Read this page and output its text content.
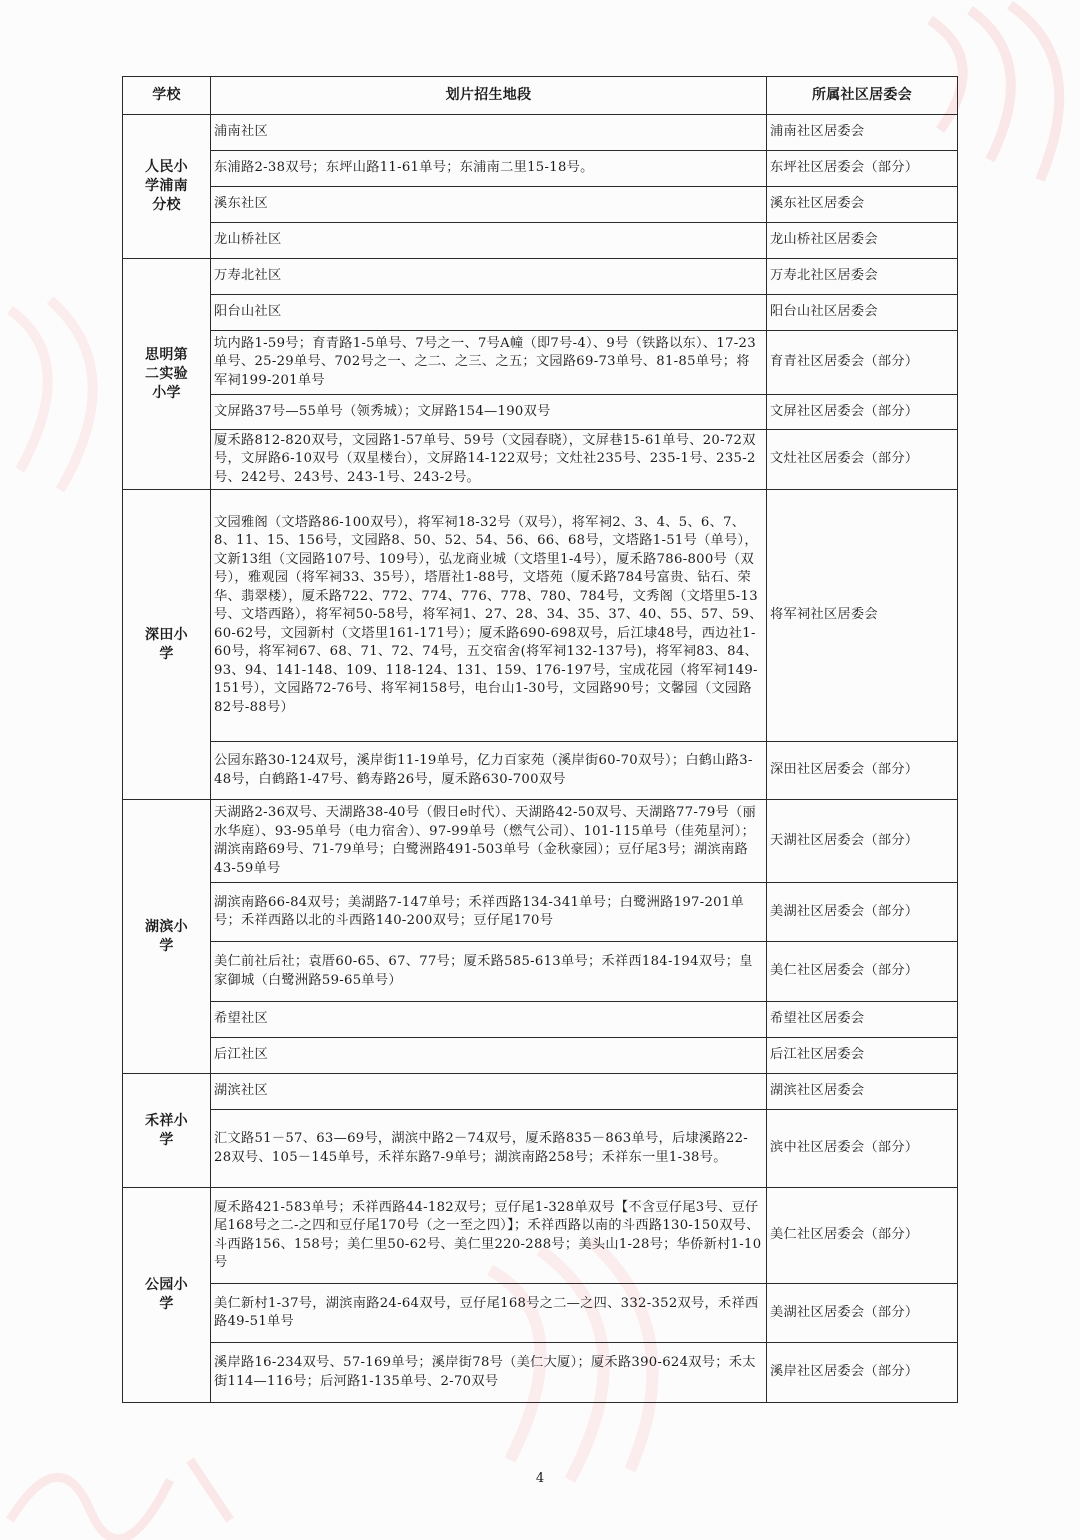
学校	划片招生地段	所属社区居委会
人民小学浦南分校	浦南社区	浦南社区居委会
	东浦路2-38双号；东坪山路11-61单号；东浦南二里15-18号。	东坪社区居委会（部分）
	溪东社区	溪东社区居委会
	龙山桥社区	龙山桥社区居委会
思明第二实验小学	万寿北社区	万寿北社区居委会
	阳台山社区	阳台山社区居委会
	坑内路1-59号；育青路1-5单号、7号之一、7号A幢（即7号-4）、9号（铁路以东）、17-23单号、25-29单号、702号之一、之二、之三、之五；文园路69-73单号、81-85单号；将军祠199-201单号	育青社区居委会（部分）
	文屏路37号—55单号（领秀城）；文屏路154—190双号	文屏社区居委会（部分）
	厦禾路812-820双号，文园路1-57单号、59号（文园春晓），文屏巷15-61单号、20-72双号，文屏路6-10双号（双星楼台），文屏路14-122双号；文灶社235号、235-1号、235-2号、242号、243号、243-1号、243-2号。	文灶社区居委会（部分）
深田小学	文园雅阁（文塔路86-100双号），将军祠18-32号（双号），将军祠2、3、4、5、6、7、8、11、15、156号，文园路8、50、52、54、56、66、68号，文塔路1-51号（单号），文新13组（文园路107号、109号），弘龙商业城（文塔里1-4号），厦禾路786-800号（双号），雅观园（将军祠33、35号），塔厝社1-88号，文塔苑（厦禾路784号富贵、钻石、荣华、翡翠楼），厦禾路722、772、774、776、778、780、784号，文秀阁（文塔里5-13号、文塔西路），将军祠50-58号，将军祠1、27、28、34、35、37、40、55、57、59、60-62号，文园新村（文塔里161-171号）；厦禾路690-698双号，后江埭48号，西边社1-60号，将军祠67、68、71、72、74号，五交宿舍(将军祠132-137号)，将军祠83、84、93、94、141-148、109、118-124、131、159、176-197号，宝成花园（将军祠149-151号），文园路72-76号、将军祠158号，电台山1-30号，文园路90号；文馨园（文园路82号-88号）	将军祠社区居委会
	公园东路30-124双号，溪岸街11-19单号，亿力百家苑（溪岸街60-70双号）；白鹤山路3-48号，白鹤路1-47号、鹤寿路26号，厦禾路630-700双号	深田社区居委会（部分）
湖滨小学	天湖路2-36双号、天湖路38-40号（假日e时代）、天湖路42-50双号、天湖路77-79号（丽水华庭）、93-95单号（电力宿舍）、97-99单号（燃气公司）、101-115单号（佳苑星河）；湖滨南路69号、71-79单号；白鹭洲路491-503单号（金秋豪园）；豆仔尾3号；湖滨南路43-59单号	天湖社区居委会（部分）
	湖滨南路66-84双号；美湖路7-147单号；禾祥西路134-341单号；白鹭洲路197-201单号；禾祥西路以北的斗西路140-200双号；豆仔尾170号	美湖社区居委会（部分）
	美仁前社后社；袁厝60-65、67、77号；厦禾路585-613单号；禾祥西184-194双号；皇家御城（白鹭洲路59-65单号）	美仁社区居委会（部分）
	希望社区	希望社区居委会
	后江社区	后江社区居委会
禾祥小学	湖滨社区	湖滨社区居委会
	汇文路51－57、63—69号，湖滨中路2－74双号，厦禾路835－863单号，后埭溪路22-28双号、105－145单号，禾祥东路7-9单号；湖滨南路258号；禾祥东一里1-38号。	滨中社区居委会（部分）
公园小学	厦禾路421-583单号；禾祥西路44-182双号；豆仔尾1-328单双号【不含豆仔尾3号、豆仔尾168号之二-之四和豆仔尾170号（之一至之四）】；禾祥西路以南的斗西路130-150双号、斗西路156、158号；美仁里50-62号、美仁里220-288号；美头山1-28号；华侨新村1-10号	美仁社区居委会（部分）
	美仁新村1-37号，湖滨南路24-64双号，豆仔尾168号之二—之四、332-352双号，禾祥西路49-51单号	美湖社区居委会（部分）
	溪岸路16-234双号、57-169单号；溪岸街78号（美仁大厦）；厦禾路390-624双号；禾太街114—116号；后河路1-135单号、2-70双号	溪岸社区居委会（部分）
4
